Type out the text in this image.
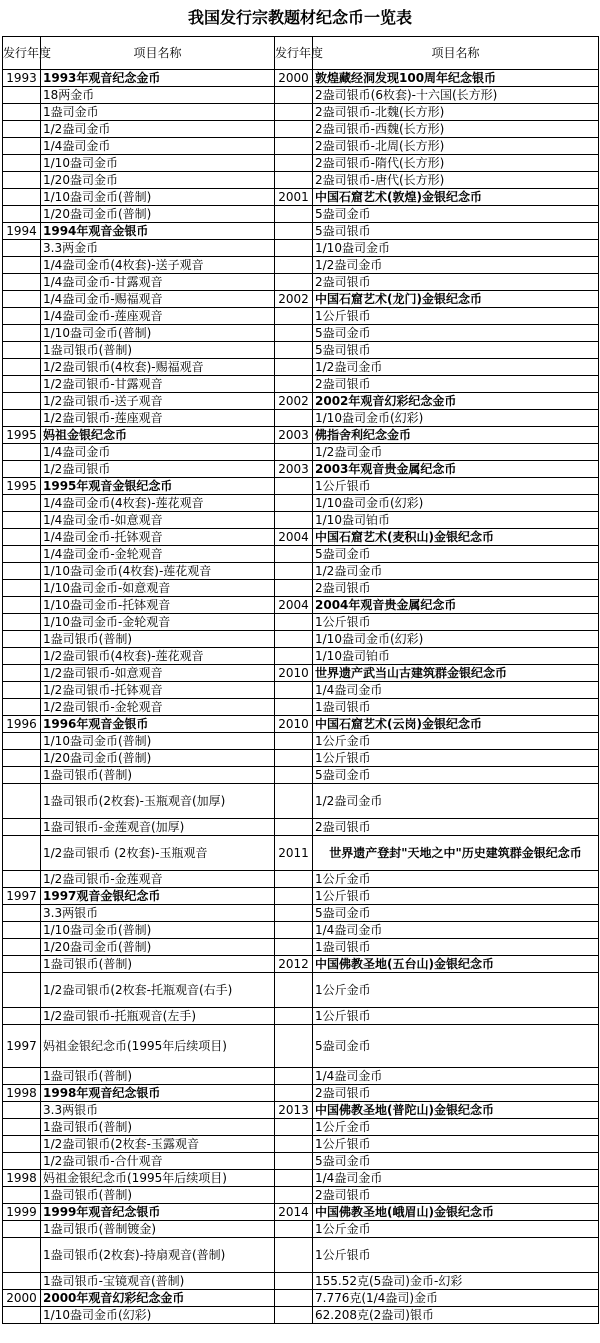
我国发行宗教题材纪念币一览表
发行年度	项目名称	发行年度	项目名称
1993	1993年观音纪念金币	2000	敦煌藏经洞发现100周年纪念银币
	18两金币		2盎司银币(6枚套)-十六国(长方形)
	1盎司金币		2盎司银币-北魏(长方形)
	1/2盎司金币		2盎司银币-西魏(长方形)
	1/4盎司金币		2盎司银币-北周(长方形)
	1/10盎司金币		2盎司银币-隋代(长方形)
	1/20盎司金币		2盎司银币-唐代(长方形)
	1/10盎司金币(普制)	2001	中国石窟艺术(敦煌)金银纪念币
	1/20盎司金币(普制)		5盎司金币
1994	1994年观音金银币		5盎司银币
	3.3两金币		1/10盎司金币
	1/4盎司金币(4枚套)-送子观音		1/2盎司金币
	1/4盎司金币-甘露观音		2盎司银币
	1/4盎司金币-赐福观音	2002	中国石窟艺术(龙门)金银纪念币
	1/4盎司金币-莲座观音		1公斤银币
	1/10盎司金币(普制)		5盎司金币
	1盎司银币(普制)		5盎司银币
	1/2盎司银币(4枚套)-赐福观音		1/2盎司金币
	1/2盎司银币-甘露观音		2盎司银币
	1/2盎司银币-送子观音	2002	2002年观音幻彩纪念金币
	1/2盎司银币-莲座观音		1/10盎司金币(幻彩)
1995	妈祖金银纪念币	2003	佛指舍利纪念金币
	1/4盎司金币		1/2盎司金币
	1/2盎司银币	2003	2003年观音贵金属纪念币
1995	1995年观音金银纪念币		1公斤银币
	1/4盎司金币(4枚套)-莲花观音		1/10盎司金币(幻彩)
	1/4盎司金币-如意观音		1/10盎司铂币
	1/4盎司金币-托钵观音	2004	中国石窟艺术(麦积山)金银纪念币
	1/4盎司金币-金轮观音		5盎司金币
	1/10盎司金币(4枚套)-莲花观音		1/2盎司金币
	1/10盎司金币-如意观音		2盎司银币
	1/10盎司金币-托钵观音	2004	2004年观音贵金属纪念币
	1/10盎司金币-金轮观音		1公斤银币
	1盎司银币(普制)		1/10盎司金币(幻彩)
	1/2盎司银币(4枚套)-莲花观音		1/10盎司铂币
	1/2盎司银币-如意观音	2010	世界遗产武当山古建筑群金银纪念币
	1/2盎司银币-托钵观音		1/4盎司金币
	1/2盎司银币-金轮观音		1盎司银币
1996	1996年观音金银币	2010	中国石窟艺术(云岗)金银纪念币
	1/10盎司金币(普制)		1公斤金币
	1/20盎司金币(普制)		1公斤银币
	1盎司银币(普制)		5盎司金币
	1盎司银币(2枚套)-玉瓶观音(加厚)		1/2盎司金币
	1盎司银币-金莲观音(加厚)		2盎司银币
	1/2盎司银币 (2枚套)-玉瓶观音	2011	世界遗产登封"天地之中"历史建筑群金银纪念币
	1/2盎司银币-金莲观音		1公斤金币
1997	1997观音金银纪念币		1公斤银币
	3.3两银币		5盎司金币
	1/10盎司金币(普制)		1/4盎司金币
	1/20盎司金币(普制)		1盎司银币
	1盎司银币(普制)	2012	中国佛教圣地(五台山)金银纪念币
	1/2盎司银币(2枚套-托瓶观音(右手)		1公斤金币
	1/2盎司银币-托瓶观音(左手)		1公斤银币
1997	妈祖金银纪念币(1995年后续项目)		5盎司金币
	1盎司银币(普制)		1/4盎司金币
1998	1998年观音纪念银币		2盎司银币
	3.3两银币	2013	中国佛教圣地(普陀山)金银纪念币
	1盎司银币(普制)		1公斤金币
	1/2盎司银币(2枚套-玉露观音		1公斤银币
	1/2盎司银币-合什观音		5盎司金币
1998	妈祖金银纪念币(1995年后续项目)		1/4盎司金币
	1盎司银币(普制)		2盎司银币
1999	1999年观音纪念银币	2014	中国佛教圣地(峨眉山)金银纪念币
	1盎司银币(普制镀金)		1公斤金币
	1盎司银币(2枚套)-持扇观音(普制)		1公斤银币
	1盎司银币-宝镜观音(普制)		155.52克(5盎司)金币-幻彩
2000	2000年观音幻彩纪念金币		7.776克(1/4盎司)金币
	1/10盎司金币(幻彩)		62.208克(2盎司)银币
